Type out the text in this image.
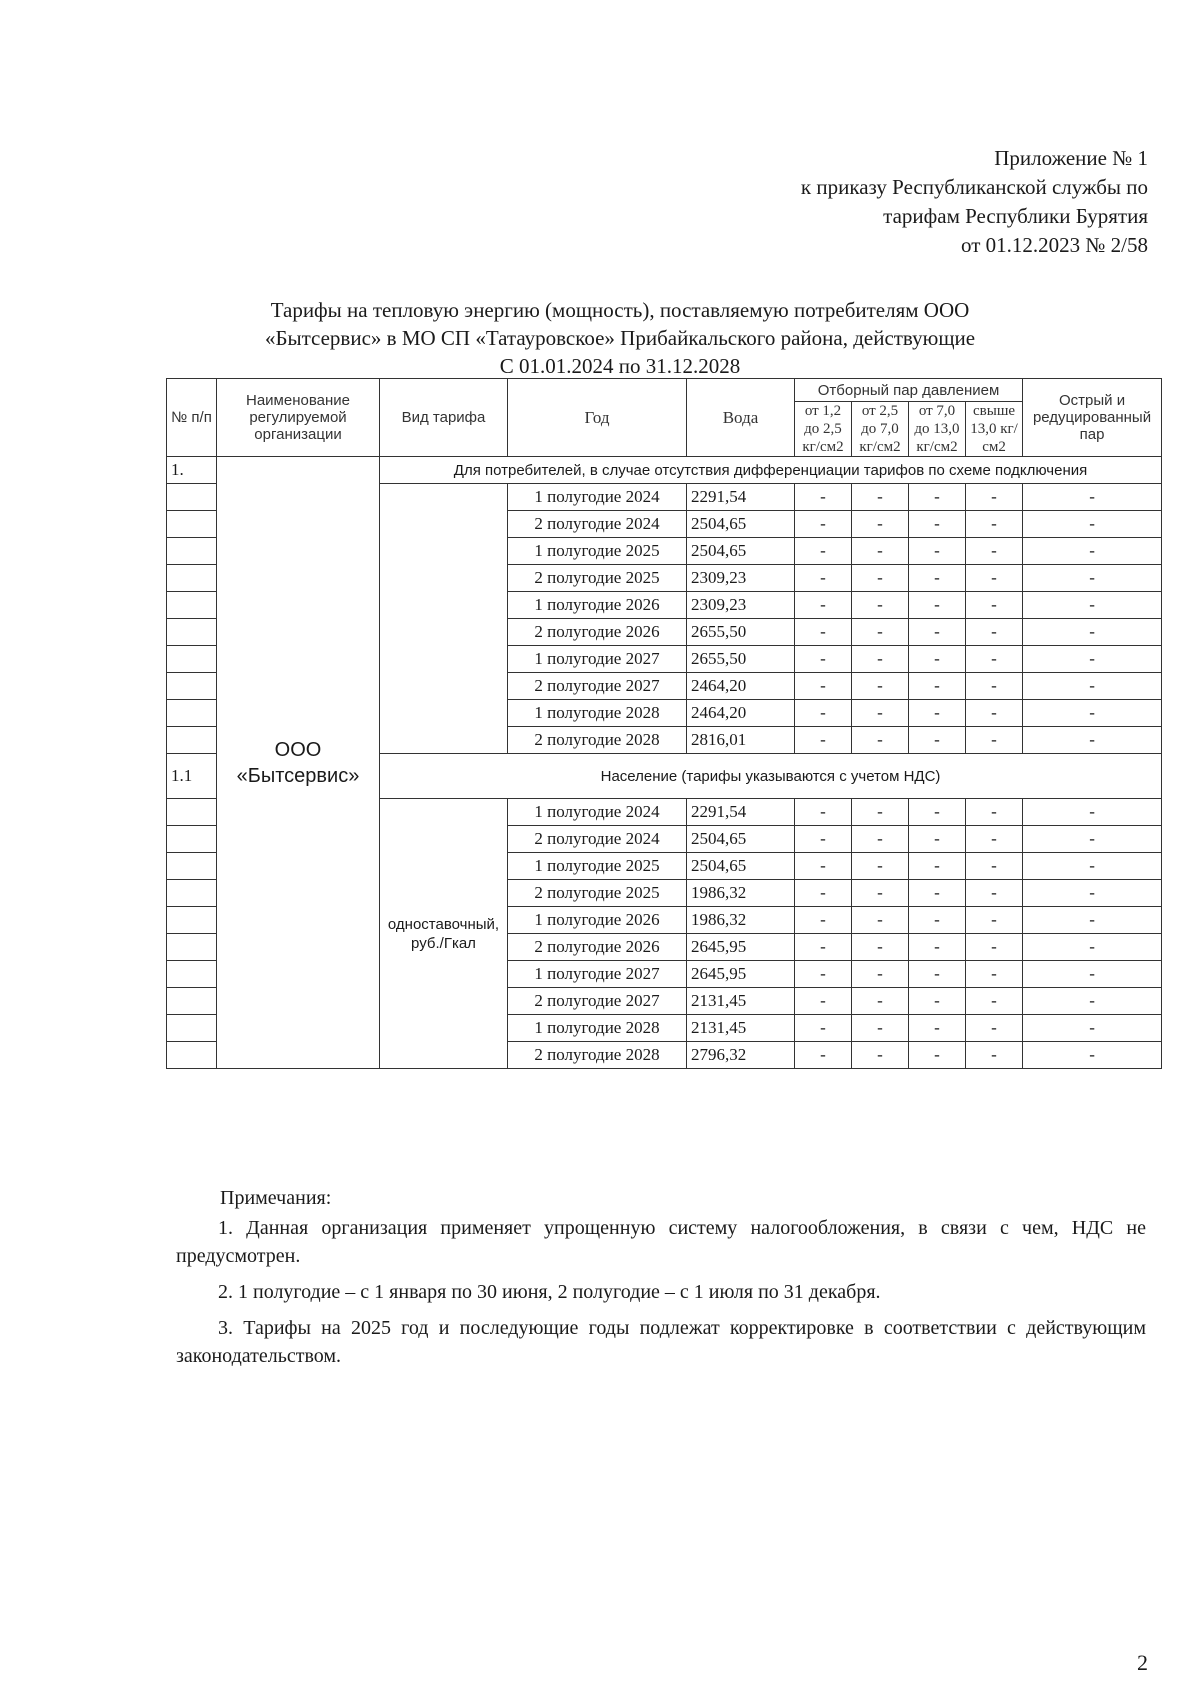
Приложение № 1
к приказу Республиканской службы по
тарифам Республики Бурятия
от 01.12.2023 № 2/58
Тарифы на тепловую энергию (мощность), поставляемую потребителям ООО
«Бытсервис» в МО СП «Татауровское» Прибайкальского района, действующие
С 01.01.2024 по 31.12.2028
№ п/п	Наименование регулируемой организации	Вид тарифа	Год	Вода	Отборный пар давлением				Острый и редуцированный пар
					от 1,2 до 2,5 кг/см2	от 2,5 до 7,0 кг/см2	от 7,0 до 13,0 кг/см2	свыше 13,0 кг/см2	
1.	ООО «Бытсервис»	Для потребителей, в случае отсутствия дифференциации тарифов по схеме подключения							
			1 полугодие 2024	2291,54	-	-	-	-	-
			2 полугодие 2024	2504,65	-	-	-	-	-
			1 полугодие 2025	2504,65	-	-	-	-	-
			2 полугодие 2025	2309,23	-	-	-	-	-
			1 полугодие 2026	2309,23	-	-	-	-	-
			2 полугодие 2026	2655,50	-	-	-	-	-
			1 полугодие 2027	2655,50	-	-	-	-	-
			2 полугодие 2027	2464,20	-	-	-	-	-
			1 полугодие 2028	2464,20	-	-	-	-	-
			2 полугодие 2028	2816,01	-	-	-	-	-
1.1		Население (тарифы указываются с учетом НДС)							
		одноставочный, руб./Гкал	1 полугодие 2024	2291,54	-	-	-	-	-
			2 полугодие 2024	2504,65	-	-	-	-	-
			1 полугодие 2025	2504,65	-	-	-	-	-
			2 полугодие 2025	1986,32	-	-	-	-	-
			1 полугодие 2026	1986,32	-	-	-	-	-
			2 полугодие 2026	2645,95	-	-	-	-	-
			1 полугодие 2027	2645,95	-	-	-	-	-
			2 полугодие 2027	2131,45	-	-	-	-	-
			1 полугодие 2028	2131,45	-	-	-	-	-
			2 полугодие 2028	2796,32	-	-	-	-	-

Примечания:

1. Данная организация применяет упрощенную систему налогообложения, в связи с чем, НДС не предусмотрен.

2. 1 полугодие – с 1 января по 30 июня, 2 полугодие – с 1 июля по 31 декабря.

3. Тарифы на 2025 год и последующие годы подлежат корректировке в соответствии с действующим законодательством.

2
